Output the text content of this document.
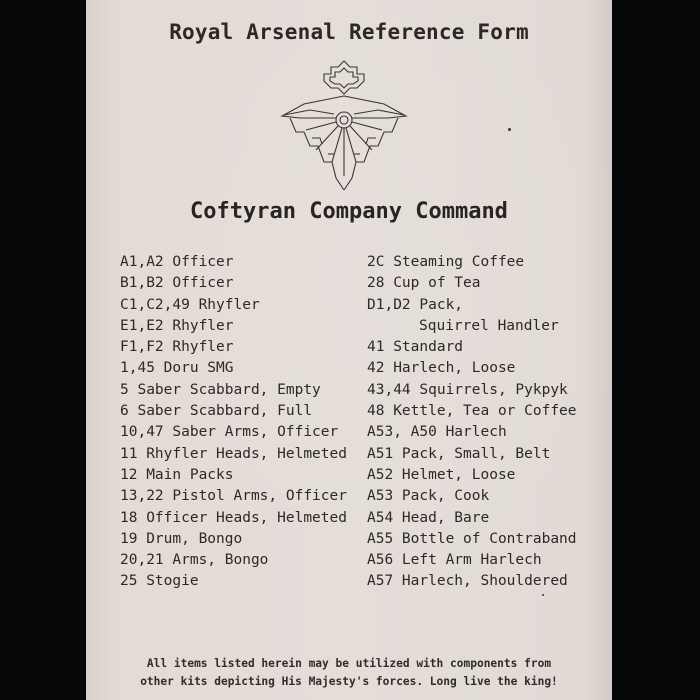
Royal Arsenal Reference Form
Coftyran Company Command
A1,A2 Officer
B1,B2 Officer
C1,C2,49 Rhyfler
E1,E2 Rhyfler
F1,F2 Rhyfler
1,45 Doru SMG
5 Saber Scabbard, Empty
6 Saber Scabbard, Full
10,47 Saber Arms, Officer
11 Rhyfler Heads, Helmeted
12 Main Packs
13,22 Pistol Arms, Officer
18 Officer Heads, Helmeted
19 Drum, Bongo
20,21 Arms, Bongo
25 Stogie
2C Steaming Coffee
28 Cup of Tea
D1,D2 Pack,
Squirrel Handler
41 Standard
42 Harlech, Loose
43,44 Squirrels, Pykpyk
48 Kettle, Tea or Coffee
A53, A50 Harlech
A51 Pack, Small, Belt
A52 Helmet, Loose
A53 Pack, Cook
A54 Head, Bare
A55 Bottle of Contraband
A56 Left Arm Harlech
A57 Harlech, Shouldered
All items listed herein may be utilized with components from
other kits depicting His Majesty's forces. Long live the king!
